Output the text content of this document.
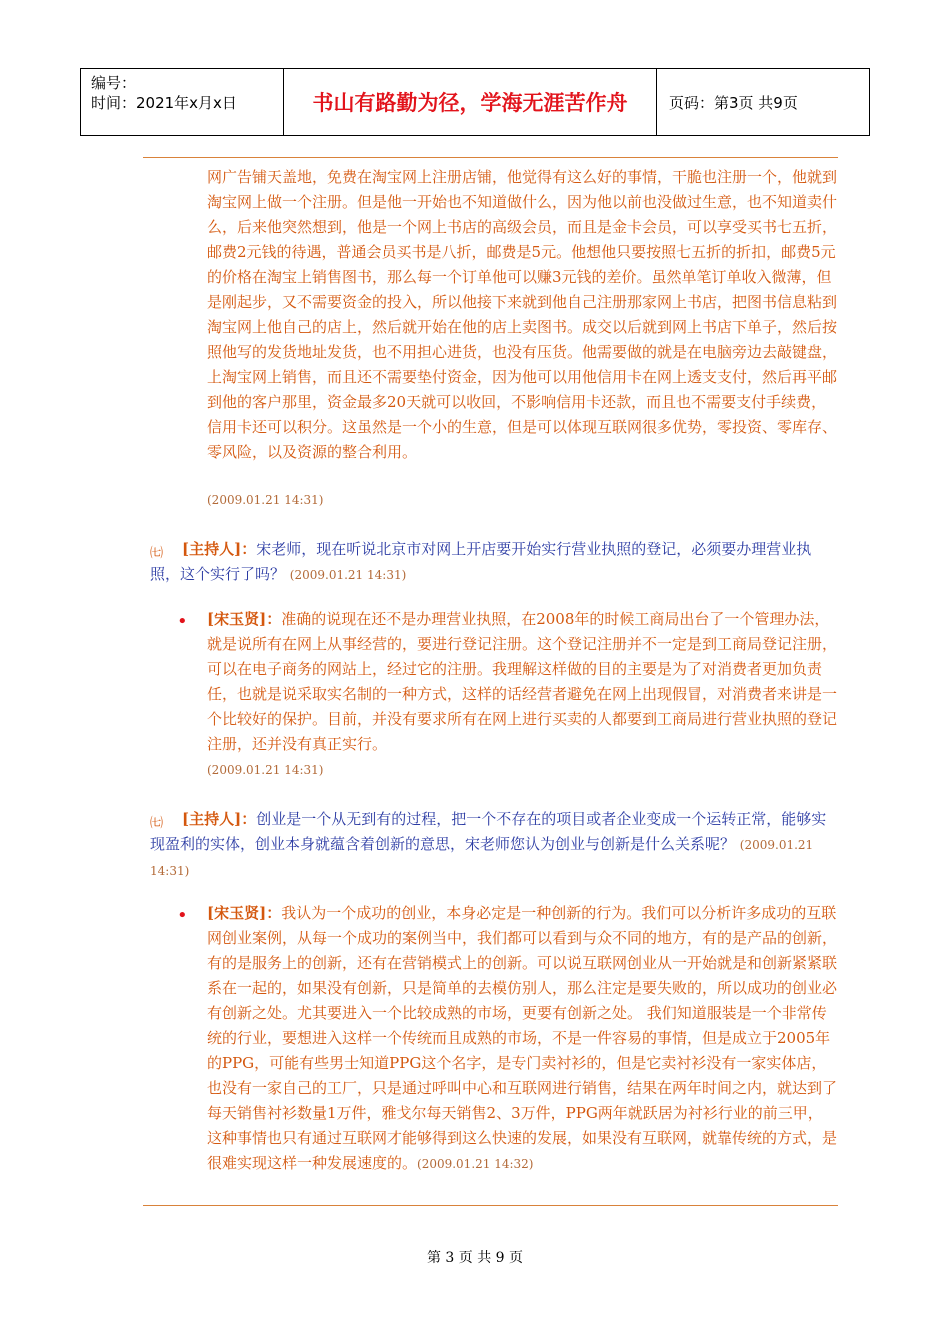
编号：
时间：2021年x月x日	书山有路勤为径，学海无涯苦作舟	页码：第3页 共9页

网广告铺天盖地，免费在淘宝网上注册店铺，他觉得有这么好的事情，干脆也注册一个，他就到淘宝网上做一个注册。但是他一开始也不知道做什么，因为他以前也没做过生意，也不知道卖什么，后来他突然想到，他是一个网上书店的高级会员，而且是金卡会员，可以享受买书七五折，邮费2元钱的待遇，普通会员买书是八折，邮费是5元。他想他只要按照七五折的折扣，邮费5元的价格在淘宝上销售图书，那么每一个订单他可以赚3元钱的差价。虽然单笔订单收入微薄，但是刚起步，又不需要资金的投入，所以他接下来就到他自己注册那家网上书店，把图书信息粘到淘宝网上他自己的店上，然后就开始在他的店上卖图书。成交以后就到网上书店下单子，然后按照他写的发货地址发货，也不用担心进货，也没有压货。他需要做的就是在电脑旁边去敲键盘，上淘宝网上销售，而且还不需要垫付资金，因为他可以用他信用卡在网上透支支付，然后再平邮到他的客户那里，资金最多20天就可以收回，不影响信用卡还款，而且也不需要支付手续费，信用卡还可以积分。这虽然是一个小的生意，但是可以体现互联网很多优势，零投资、零库存、零风险，以及资源的整合利用。

(2009.01.21 14:31)
㈦	[主持人]：宋老师，现在听说北京市对网上开店要开始实行营业执照的登记，必须要办理营业执照，这个实行了吗？ (2009.01.21 14:31)

• [宋玉贤]：准确的说现在还不是办理营业执照，在2008年的时候工商局出台了一个管理办法，就是说所有在网上从事经营的，要进行登记注册。这个登记注册并不一定是到工商局登记注册，可以在电子商务的网站上，经过它的注册。我理解这样做的目的主要是为了对消费者更加负责任，也就是说采取实名制的一种方式，这样的话经营者避免在网上出现假冒，对消费者来讲是一个比较好的保护。目前，并没有要求所有在网上进行买卖的人都要到工商局进行营业执照的登记注册，还并没有真正实行。

(2009.01.21 14:31)
㈦	[主持人]：创业是一个从无到有的过程，把一个不存在的项目或者企业变成一个运转正常，能够实现盈利的实体，创业本身就蕴含着创新的意思，宋老师您认为创业与创新是什么关系呢？ (2009.01.21 14:31)

• [宋玉贤]：我认为一个成功的创业，本身必定是一种创新的行为。我们可以分析许多成功的互联网创业案例，从每一个成功的案例当中，我们都可以看到与众不同的地方，有的是产品的创新，有的是服务上的创新，还有在营销模式上的创新。可以说互联网创业从一开始就是和创新紧紧联系在一起的，如果没有创新，只是简单的去模仿别人，那么注定是要失败的，所以成功的创业必有创新之处。尤其要进入一个比较成熟的市场，更要有创新之处。 我们知道服装是一个非常传统的行业，要想进入这样一个传统而且成熟的市场，不是一件容易的事情，但是成立于2005年的PPG，可能有些男士知道PPG这个名字，是专门卖衬衫的，但是它卖衬衫没有一家实体店，也没有一家自己的工厂，只是通过呼叫中心和互联网进行销售，结果在两年时间之内，就达到了每天销售衬衫数量1万件，雅戈尔每天销售2、3万件，PPG两年就跃居为衬衫行业的前三甲，这种事情也只有通过互联网才能够得到这么快速的发展，如果没有互联网，就靠传统的方式，是很难实现这样一种发展速度的。(2009.01.21 14:32)

第 3 页 共 9 页
